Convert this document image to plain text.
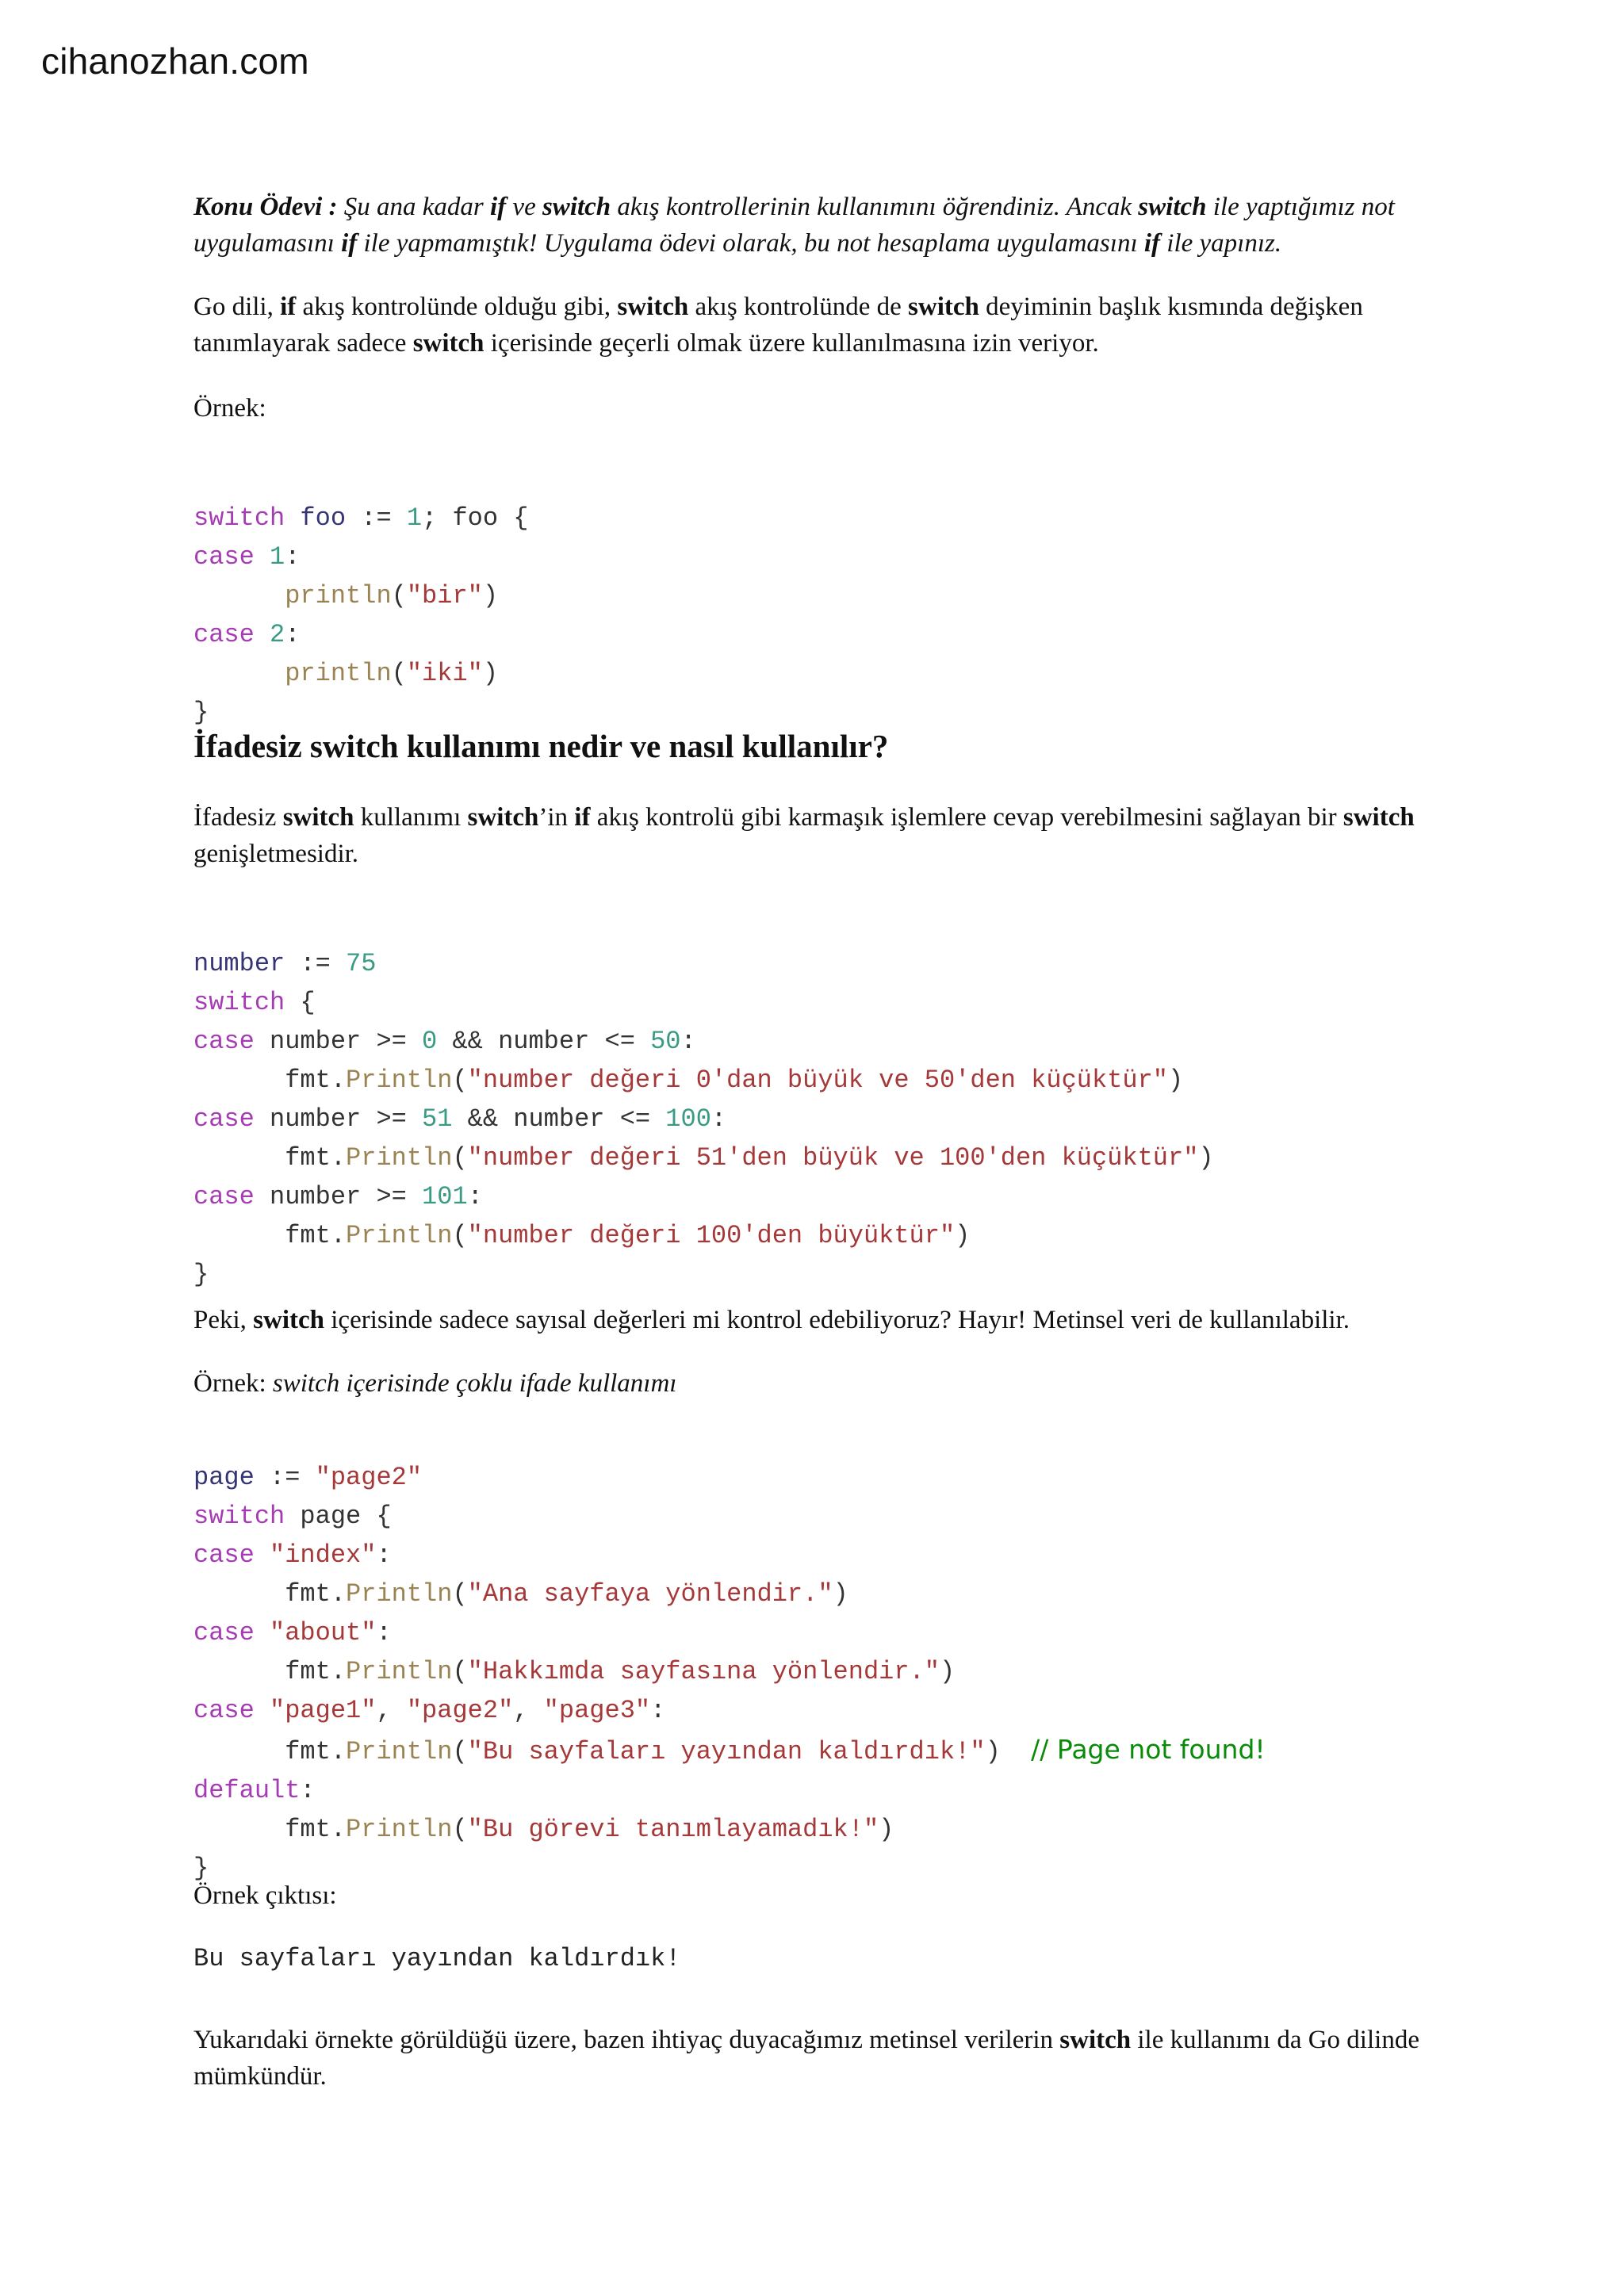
cihanozhan.com

Konu Ödevi : Şu ana kadar if ve switch akış kontrollerinin kullanımını öğrendiniz. Ancak switch ile yaptığımız not uygulamasını if ile yapmamıştık! Uygulama ödevi olarak, bu not hesaplama uygulamasını if ile yapınız.

Go dili, if akış kontrolünde olduğu gibi, switch akış kontrolünde de switch deyiminin başlık kısmında değişken tanımlayarak sadece switch içerisinde geçerli olmak üzere kullanılmasına izin veriyor.

Örnek:

switch foo := 1; foo {
case 1:
println("bir")
case 2:
println("iki")
}

İfadesiz switch kullanımı nedir ve nasıl kullanılır?

İfadesiz switch kullanımı switch’in if akış kontrolü gibi karmaşık işlemlere cevap verebilmesini sağlayan bir switch genişletmesidir.

number := 75
switch {
case number >= 0 && number <= 50:
fmt.Println("number değeri 0'dan büyük ve 50'den küçüktür")
case number >= 51 && number <= 100:
fmt.Println("number değeri 51'den büyük ve 100'den küçüktür")
case number >= 101:
fmt.Println("number değeri 100'den büyüktür")
}

Peki, switch içerisinde sadece sayısal değerleri mi kontrol edebiliyoruz? Hayır! Metinsel veri de kullanılabilir.

Örnek: switch içerisinde çoklu ifade kullanımı

page := "page2"
switch page {
case "index":
fmt.Println("Ana sayfaya yönlendir.")
case "about":
fmt.Println("Hakkımda sayfasına yönlendir.")
case "page1", "page2", "page3":
fmt.Println("Bu sayfaları yayından kaldırdık!") // Page not found!
default:
fmt.Println("Bu görevi tanımlayamadık!")
}

Örnek çıktısı:

Bu sayfaları yayından kaldırdık!

Yukarıdaki örnekte görüldüğü üzere, bazen ihtiyaç duyacağımız metinsel verilerin switch ile kullanımı da Go dilinde mümkündür.
